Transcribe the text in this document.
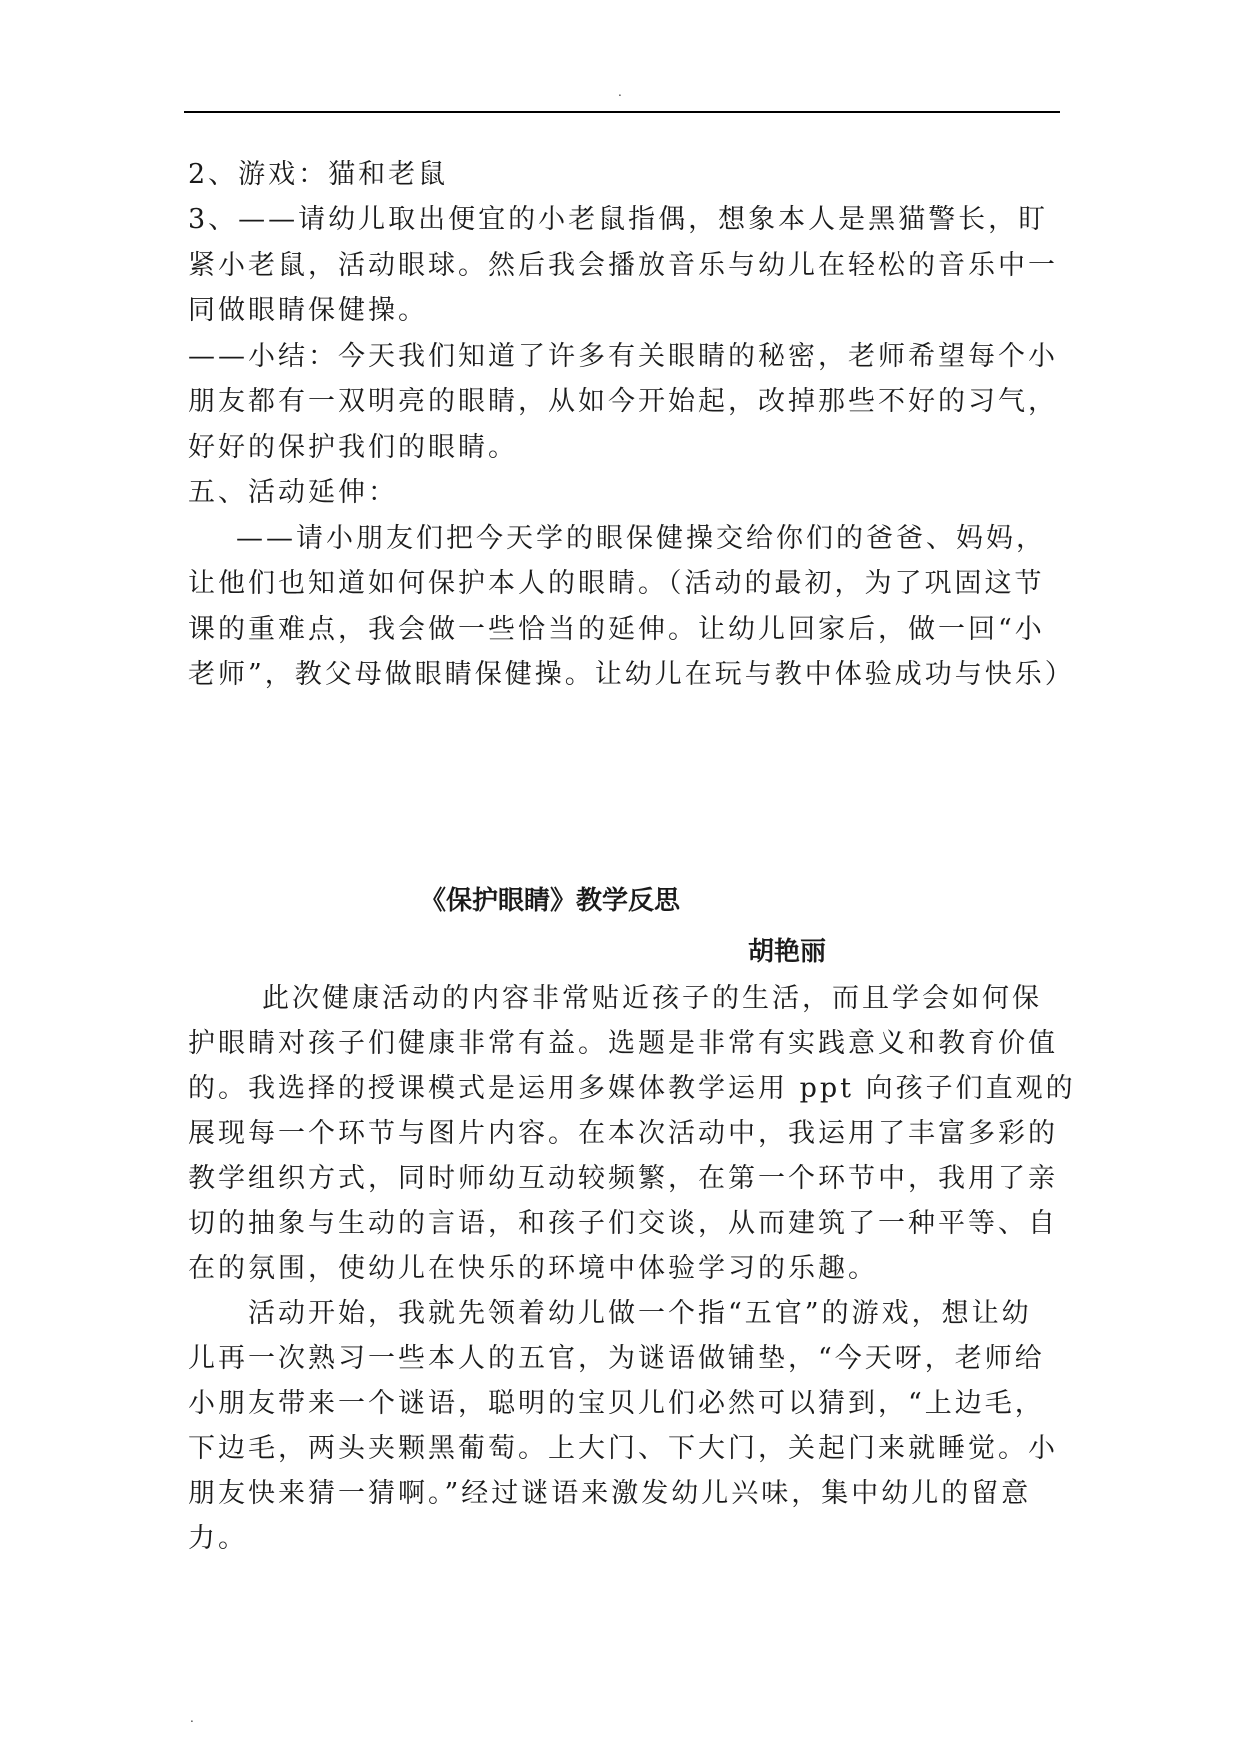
.
2、游戏：猫和老鼠
3、——请幼儿取出便宜的小老鼠指偶，想象本人是黑猫警长，盯
紧小老鼠，活动眼球。然后我会播放音乐与幼儿在轻松的音乐中一
同做眼睛保健操。
——小结：今天我们知道了许多有关眼睛的秘密，老师希望每个小
朋友都有一双明亮的眼睛，从如今开始起，改掉那些不好的习气，
好好的保护我们的眼睛。
五、活动延伸：
——请小朋友们把今天学的眼保健操交给你们的爸爸、妈妈，
让他们也知道如何保护本人的眼睛。（活动的最初，为了巩固这节
课的重难点，我会做一些恰当的延伸。让幼儿回家后，做一回“小
老师”，教父母做眼睛保健操。让幼儿在玩与教中体验成功与快乐）
《保护眼睛》教学反思
胡艳丽
此次健康活动的内容非常贴近孩子的生活，而且学会如何保
护眼睛对孩子们健康非常有益。选题是非常有实践意义和教育价值
的。我选择的授课模式是运用多媒体教学运用 ppt 向孩子们直观的
展现每一个环节与图片内容。在本次活动中，我运用了丰富多彩的
教学组织方式，同时师幼互动较频繁，在第一个环节中，我用了亲
切的抽象与生动的言语，和孩子们交谈，从而建筑了一种平等、自
在的氛围，使幼儿在快乐的环境中体验学习的乐趣。
活动开始，我就先领着幼儿做一个指“五官”的游戏，想让幼
儿再一次熟习一些本人的五官，为谜语做铺垫，“今天呀，老师给
小朋友带来一个谜语，聪明的宝贝儿们必然可以猜到，“上边毛，
下边毛，两头夹颗黑葡萄。上大门、下大门，关起门来就睡觉。小
朋友快来猜一猜啊。”经过谜语来激发幼儿兴味，集中幼儿的留意
力。
.
